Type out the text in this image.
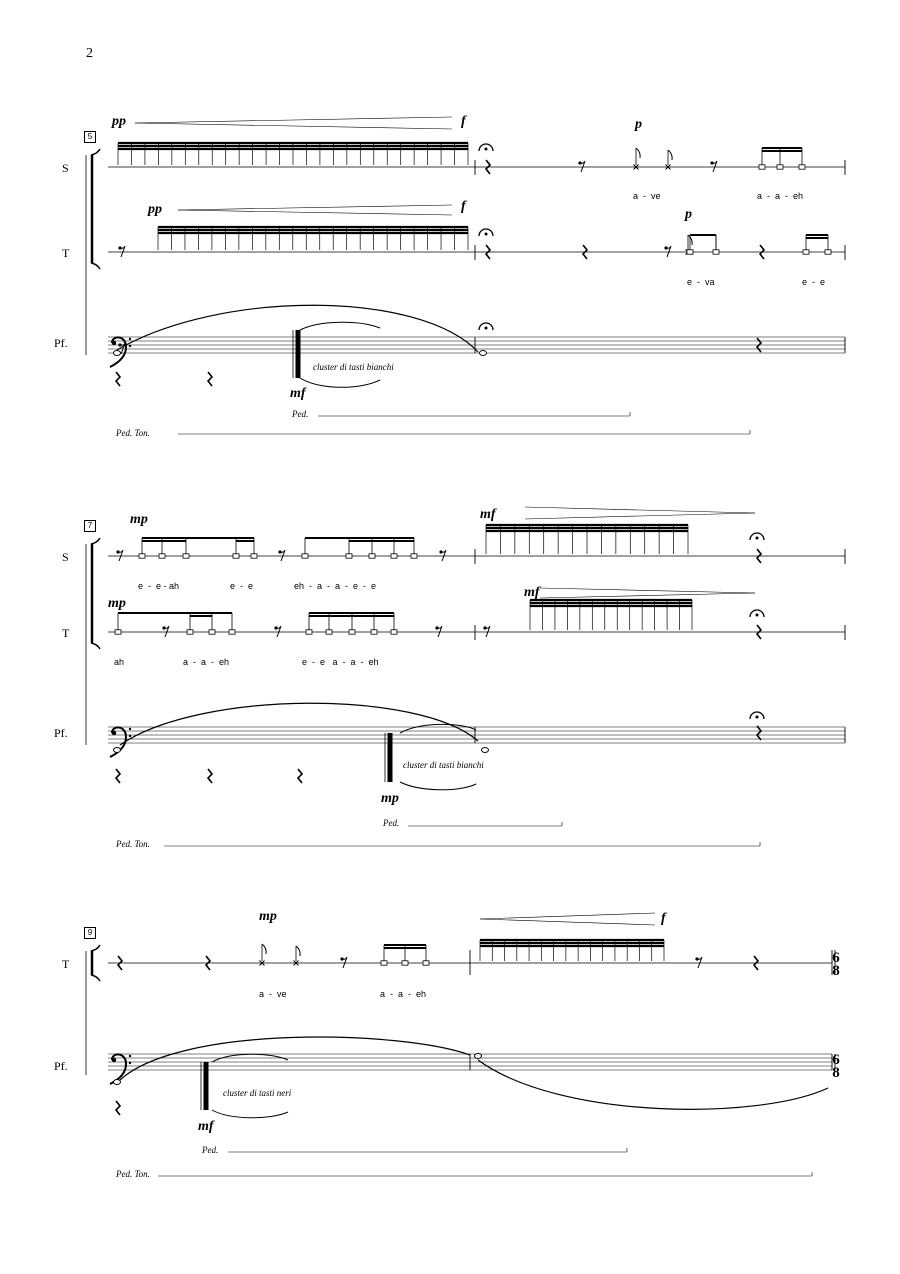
2
5
S
T
Pf.
pp	f	p
a  -  ve	a  -  a  -  eh
pp	f
p
e  -  va	e  -  e
mf
cluster di tasti bianchi
Ped.
Ped. Ton.
7
S
T
Pf.
mp	mf
e  -  e - ah	e  -  e	eh  -  a  -  a  -  e  -  e
mp
mf
ah	a  -  a  -  eh	e  -  e   a  -  a  -  eh
mp
cluster di tasti bianchi
Ped.
Ped. Ton.
9
T
Pf.
mp	f
a  -  ve	a  -  a  -  eh
mf
cluster di tasti neri
Ped.
Ped. Ton.
6
8
6
8
